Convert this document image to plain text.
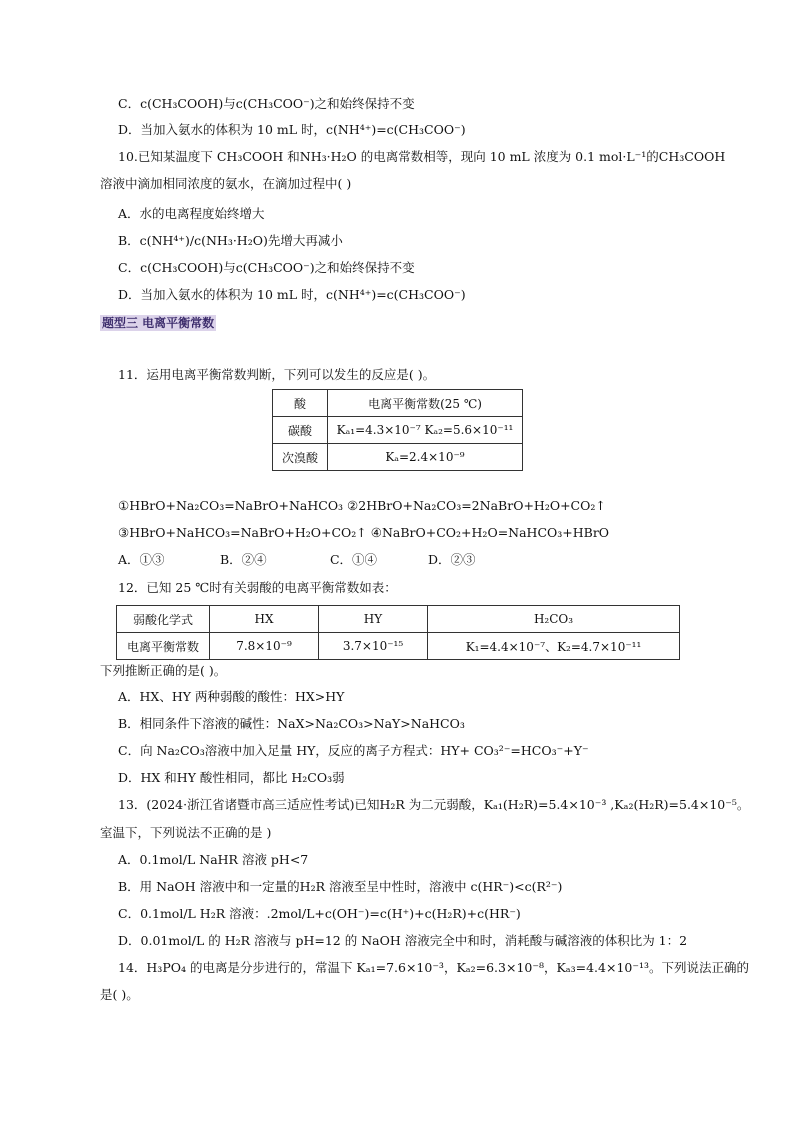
C．c(CH₃COOH)与c(CH₃COO⁻)之和始终保持不变
D．当加入氨水的体积为 10 mL 时，c(NH⁴⁺)=c(CH₃COO⁻)
10.已知某温度下 CH₃COOH 和NH₃·H₂O 的电离常数相等，现向 10 mL 浓度为 0.1 mol·L⁻¹的CH₃COOH
溶液中滴加相同浓度的氨水，在滴加过程中( )
A．水的电离程度始终增大
B．c(NH⁴⁺)/c(NH₃·H₂O)先增大再减小
C．c(CH₃COOH)与c(CH₃COO⁻)之和始终保持不变
D．当加入氨水的体积为 10 mL 时，c(NH⁴⁺)=c(CH₃COO⁻)
题型三 电离平衡常数
11．运用电离平衡常数判断，下列可以发生的反应是( )。
酸	电离平衡常数(25 ℃)
碳酸	Kₐ₁=4.3×10⁻⁷ Kₐ₂=5.6×10⁻¹¹
次溴酸	Kₐ=2.4×10⁻⁹
①HBrO+Na₂CO₃=NaBrO+NaHCO₃ ②2HBrO+Na₂CO₃=2NaBrO+H₂O+CO₂↑
③HBrO+NaHCO₃=NaBrO+H₂O+CO₂↑ ④NaBrO+CO₂+H₂O=NaHCO₃+HBrO
A．①③	B．②④	C．①④	D．②③
12．已知 25 ℃时有关弱酸的电离平衡常数如表：
弱酸化学式	HX	HY	H₂CO₃
电离平衡常数	7.8×10⁻⁹	3.7×10⁻¹⁵	K₁=4.4×10⁻⁷、K₂=4.7×10⁻¹¹
下列推断正确的是( )。
A．HX、HY 两种弱酸的酸性：HX>HY
B．相同条件下溶液的碱性：NaX>Na₂CO₃>NaY>NaHCO₃
C．向 Na₂CO₃溶液中加入足量 HY，反应的离子方程式：HY+ CO₃²⁻=HCO₃⁻+Y⁻
D．HX 和HY 酸性相同，都比 H₂CO₃弱
13．(2024·浙江省诸暨市高三适应性考试)已知H₂R 为二元弱酸，Kₐ₁(H₂R)=5.4×10⁻³ ,Kₐ₂(H₂R)=5.4×10⁻⁵。
室温下，下列说法不正确的是 )
A．0.1mol/L NaHR 溶液 pH<7
B．用 NaOH 溶液中和一定量的H₂R 溶液至呈中性时，溶液中 c(HR⁻)<c(R²⁻)
C．0.1mol/L H₂R 溶液：.2mol/L+c(OH⁻)=c(H⁺)+c(H₂R)+c(HR⁻)
D．0.01mol/L 的 H₂R 溶液与 pH=12 的 NaOH 溶液完全中和时，消耗酸与碱溶液的体积比为 1：2
14．H₃PO₄ 的电离是分步进行的，常温下 Kₐ₁=7.6×10⁻³，Kₐ₂=6.3×10⁻⁸，Kₐ₃=4.4×10⁻¹³。下列说法正确的
是( )。
